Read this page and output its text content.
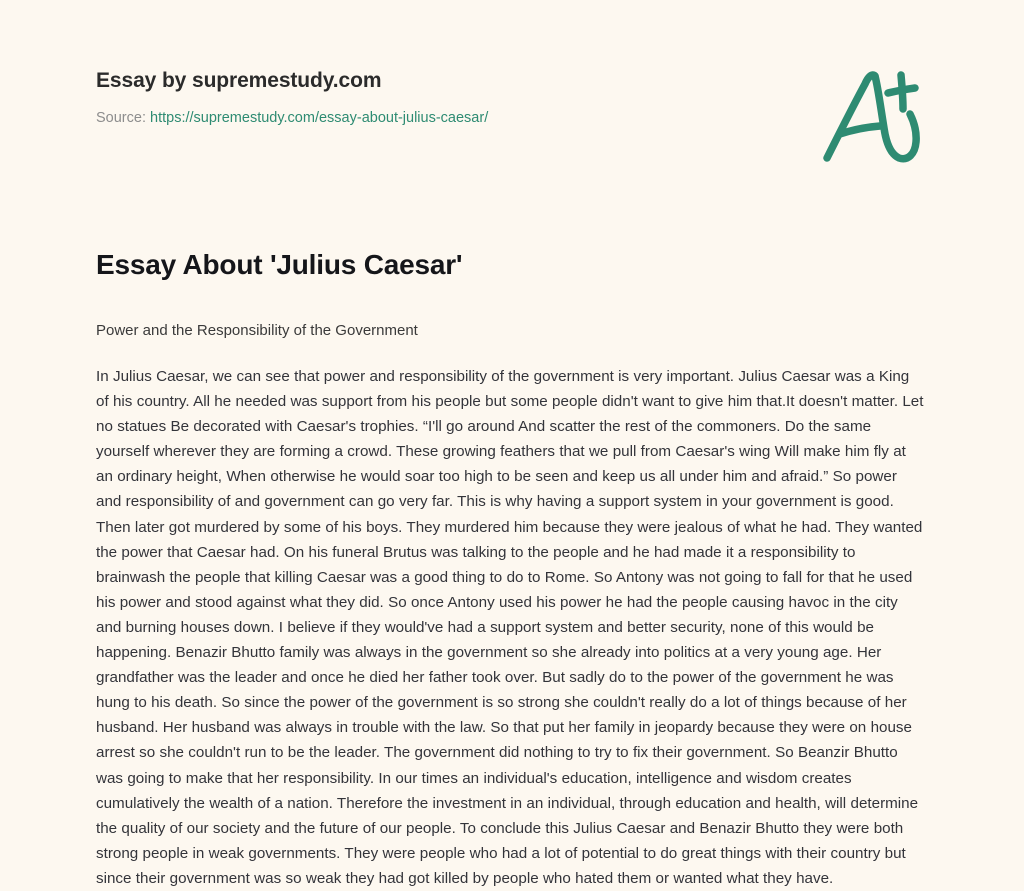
Essay by supremestudy.com
Source: https://supremestudy.com/essay-about-julius-caesar/
Essay About 'Julius Caesar'
Power and the Responsibility of the Government
In Julius Caesar, we can see that power and responsibility of the government is very important. Julius Caesar was a King of his country. All he needed was support from his people but some people didn't want to give him that.It doesn't matter. Let no statues Be decorated with Caesar's trophies. “I'll go around And scatter the rest of the commoners. Do the same yourself wherever they are forming a crowd. These growing feathers that we pull from Caesar's wing Will make him fly at an ordinary height, When otherwise he would soar too high to be seen and keep us all under him and afraid.” So power and responsibility of and government can go very far. This is why having a support system in your government is good. Then later got murdered by some of his boys. They murdered him because they were jealous of what he had. They wanted the power that Caesar had. On his funeral Brutus was talking to the people and he had made it a responsibility to brainwash the people that killing Caesar was a good thing to do to Rome. So Antony was not going to fall for that he used his power and stood against what they did. So once Antony used his power he had the people causing havoc in the city and burning houses down. I believe if they would've had a support system and better security, none of this would be happening. Benazir Bhutto family was always in the government so she already into politics at a very young age. Her grandfather was the leader and once he died her father took over. But sadly do to the power of the government he was hung to his death. So since the power of the government is so strong she couldn't really do a lot of things because of her husband. Her husband was always in trouble with the law. So that put her family in jeopardy because they were on house arrest so she couldn't run to be the leader. The government did nothing to try to fix their government. So Beanzir Bhutto was going to make that her responsibility. In our times an individual's education, intelligence and wisdom creates cumulatively the wealth of a nation. Therefore the investment in an individual, through education and health, will determine the quality of our society and the future of our people. To conclude this Julius Caesar and Benazir Bhutto they were both strong people in weak governments. They were people who had a lot of potential to do great things with their country but since their government was so weak they had got killed by people who hated them or wanted what they have.
